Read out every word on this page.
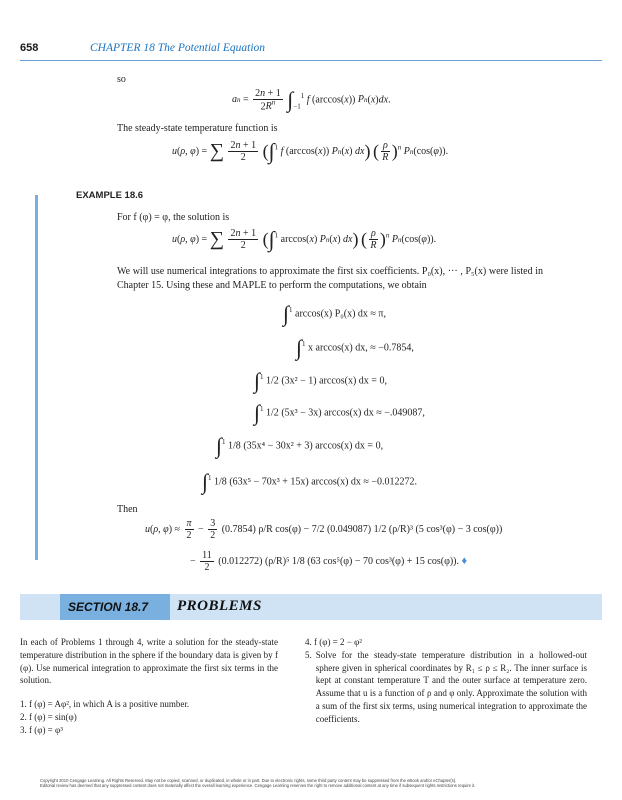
658	CHAPTER 18 The Potential Equation
so
an = $\frac{2n + 1}{2R^n} \int_{-1}^1$ f (arccos(x)) Pn(x)dx.
The steady-state temperature function is
u(ρ, φ) = ∑ $\frac{2n + 1}{2} (\int^1$ f (arccos(x)) Pn(x) dx) ( $\frac{\rho}{R} )^n$ Pn(cos(φ)).
EXAMPLE 18.6
For f (φ) = φ, the solution is
u(ρ, φ) = ∑ $\frac{2n + 1}{2} (\int^1$ arccos(x) Pn(x) dx) ( $\frac{\rho}{R} )^n$ Pn(cos(φ)).
We will use numerical integrations to approximate the first six coefficients. P₀(x), ··· , P₅(x) were listed in Chapter 15. Using these and MAPLE to perform the computations, we obtain
∫$^1$ arccos(x) P₀(x) dx ≈ π,
∫$^1$ x arccos(x) dx, ≈ −0.7854,
∫$^1$ 1/2 (3x² − 1) arccos(x) dx = 0,
∫$^1$ 1/2 (5x³ − 3x) arccos(x) dx ≈ −.049087,
∫$^1$ 1/8 (35x⁴ − 30x² + 3) arccos(x) dx = 0,
∫$^1$ 1/8 (63x⁵ − 70x³ + 15x) arccos(x) dx ≈ −0.012272.
Then
u(ρ, $\varphi) \approx \frac{\pi}{2} - \frac{3}{2} (0.7854)$ ρ/R cos(φ) − 7/2 (0.049087) 1/2 (ρ/R)³ (5 cos³(φ) − 3 cos(φ))
− $\frac{11}{2} (0.012272)$ (ρ/R)⁵ 1/8 (63 cos⁵(φ) − 70 cos³(φ) + 15 cos(φ)). ♦
SECTION 18.7 PROBLEMS
In each of Problems 1 through 4, write a solution for the steady-state temperature distribution in the sphere if the boundary data is given by f (φ). Use numerical integration to approximate the first six terms in the solution.
1. f (φ) = Aφ², in which A is a positive number.
2. f (φ) = sin(φ)
3. f (φ) = φ³
4. f (φ) = 2 − φ²
5. Solve for the steady-state temperature distribution in a hollowed-out sphere given in spherical coordinates by R₁ ≤ ρ ≤ R₂. The inner surface is kept at constant temperature T and the outer surface at temperature zero. Assume that u is a function of ρ and φ only. Approximate the solution with a sum of the first six terms, using numerical integration to approximate the coefficients.
Copyright 2010 Cengage Learning. All Rights Reserved. May not be copied, scanned, or duplicated, in whole or in part. Due to electronic rights, some third party content may be suppressed from the eBook and/or eChapter(s).
Editorial review has deemed that any suppressed content does not materially affect the overall learning experience. Cengage Learning reserves the right to remove additional content at any time if subsequent rights restrictions require it.
